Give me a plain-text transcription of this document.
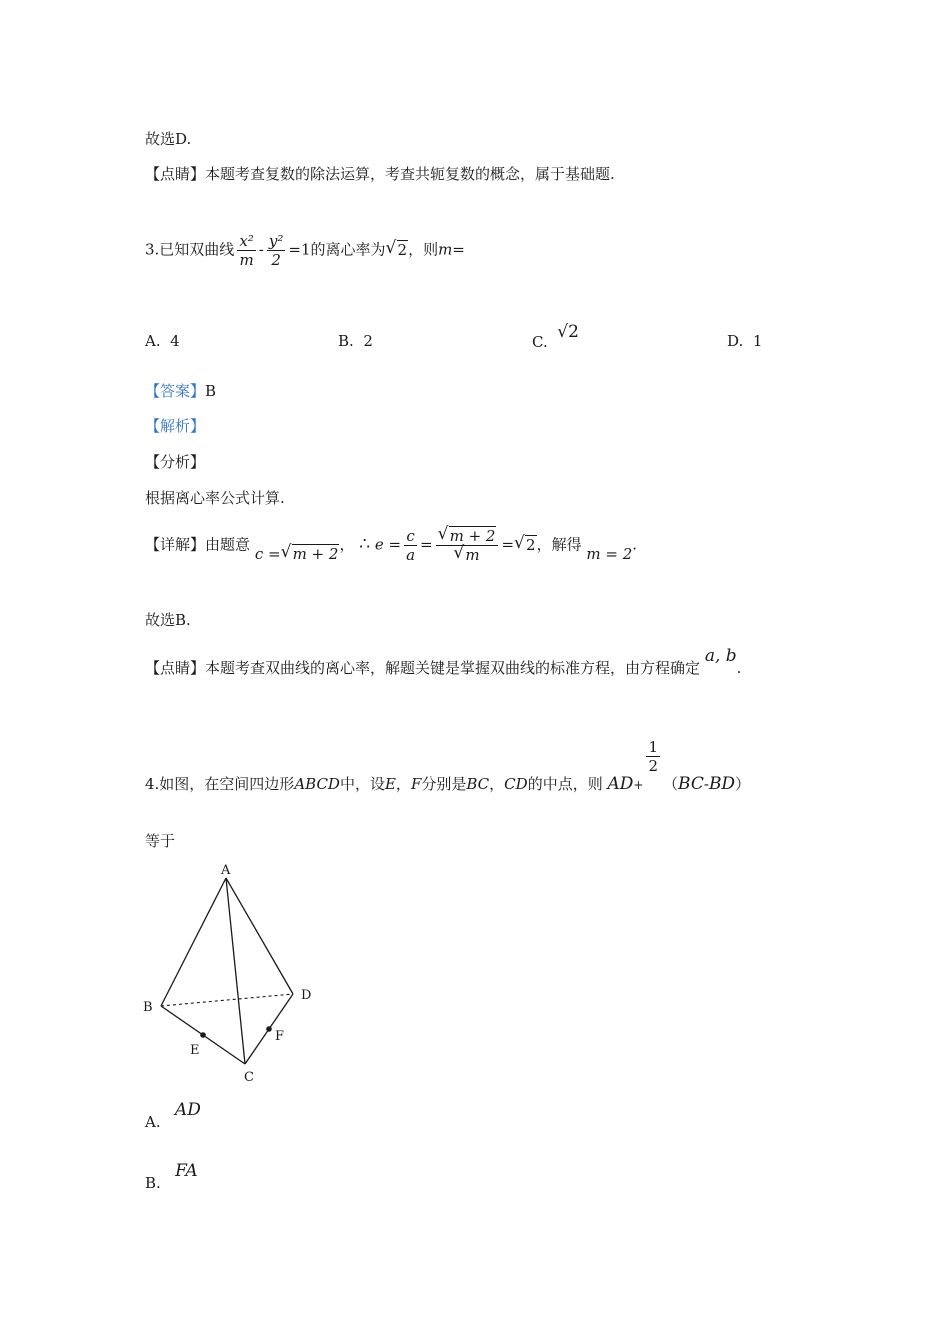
故选D.
【点睛】本题考查复数的除法运算，考查共轭复数的概念，属于基础题.
3.已知双曲线 $\frac{\text{x²}}{m} - \frac{\text{y²}}{2} =1$的离心率为 √ 2，则m=
A. 4	B. 2	C. √2	D. 1
【答案】B
【解析】
【分析】
根据离心率公式计算.
【详解】由题意 c = √ m + 2， ∴ $e = \frac{c}{a} = \frac{√ m + 2}{√ m}$ = √ 2，解得 m = 2.
故选B.
【点睛】本题考查双曲线的离心率，解题关键是掌握双曲线的标准方程，由方程确定 a, b.
4.如图，在空间四边形ABCD中，设E，F分别是BC，CD的中点，则 $AD_+$
$\frac{1}{2}$
（BC-BD）
等于
A
B
C
D
E
F
A.   AD
B.   FA
